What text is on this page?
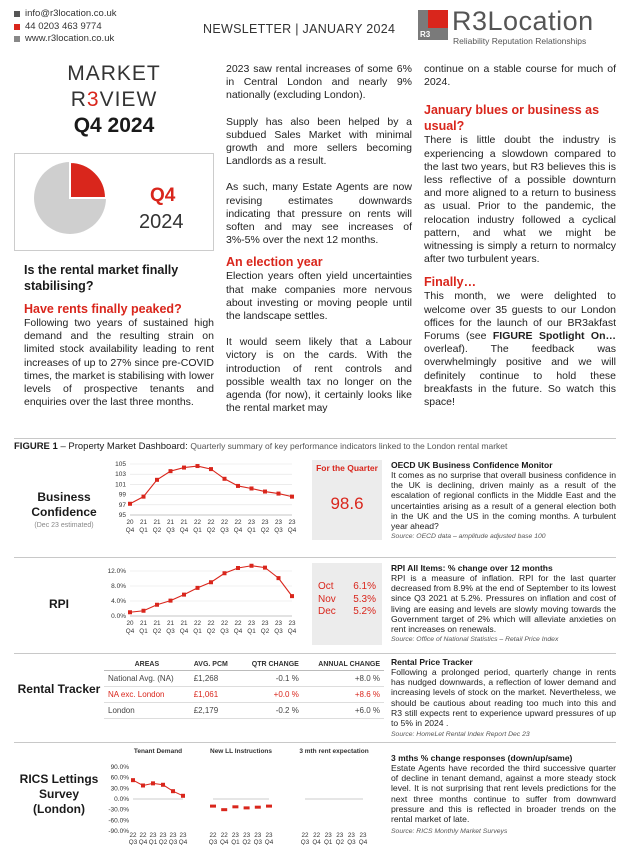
info@r3location.co.uk
44 0203 463 9774
www.r3location.co.uk
NEWSLETTER | JANUARY 2024	R3 R3Location
Reliability Reputation Relationships
MARKET
R3VIEW
Q4 2024
Q4
2024
Is the rental market finally stabilising?
Have rents finally peaked?
Following two years of sustained high demand and the resulting strain on limited stock availability leading to rent increases of up to 27% since pre-COVID times, the market is stabilising with lower levels of prospective tenants and enquiries over the last three months.
2023 saw rental increases of some 6% in Central London and nearly 9% nationally (excluding London).
Supply has also been helped by a subdued Sales Market with minimal growth and more sellers becoming Landlords as a result.
As such, many Estate Agents are now revising estimates downwards indicating that pressure on rents will soften and may see increases of 3%-5% over the next 12 months.
An election year
Election years often yield uncertainties that make companies more nervous about investing or moving people until the landscape settles.
It would seem likely that a Labour victory is on the cards. With the introduction of rent controls and possible wealth tax no longer on the agenda (for now), it certainly looks like the rental market may
continue on a stable course for much of 2024.
January blues or business as usual?
There is little doubt the industry is experiencing a slowdown compared to the last two years, but R3 believes this is less reflective of a possible downturn and more aligned to a return to business as usual. Prior to the pandemic, the relocation industry followed a cyclical pattern, and what we might be witnessing is simply a return to normalcy after two turbulent years.
Finally…
This month, we were delighted to welcome over 35 guests to our London offices for the launch of our BR3akfast Forums (see FIGURE Spotlight On… overleaf). The feedback was overwhelmingly positive and we will definitely continue to hold these breakfasts in the future. So watch this space!
FIGURE 1 – Property Market Dashboard: Quarterly summary of key performance indicators linked to the London rental market
Business Confidence
(Dec 23 estimated)
105
103
101
99
97
95
20
Q4
21
Q1
21
Q2
21
Q3
21
Q4
22
Q1
22
Q2
22
Q3
22
Q4
23
Q1
23
Q2
23
Q3
23
Q4
For the Quarter
98.6
OECD UK Business Confidence Monitor
It comes as no surprise that overall business confidence in the UK is declining, driven mainly as a result of the escalation of regional conflicts in the Middle East and the uncertainties arising as a result of a general election both in the UK and the US in the coming months. A turbulent year ahead?
Source: OECD data – amplitude adjusted base 100
RPI
12.0%
8.0%
4.0%
0.0%
20
Q4
21
Q1
21
Q2
21
Q3
21
Q4
22
Q1
22
Q2
22
Q3
22
Q4
23
Q1
23
Q2
23
Q3
23
Q4
Oct 6.1%
Nov 5.3%
Dec 5.2%
RPI All Items: % change over 12 months
RPI is a measure of inflation. RPI for the last quarter decreased from 8.9% at the end of September to its lowest since Q3 2021 at 5.2%. Pressures on inflation and cost of living are easing and levels are slowly moving towards the Government target of 2% which will alleviate anxieties on rent increases on renewals.
Source: Office of National Statistics – Retail Price Index
Rental Tracker
AREAS	AVG. PCM	QTR CHANGE	ANNUAL CHANGE
National Avg. (NA)	£1,268	-0.1 %	+8.0 %
NA exc. London	£1,061	+0.0 %	+8.6 %
London	£2,179	-0.2 %	+6.0 %
Rental Price Tracker
Following a prolonged period, quarterly change in rents has nudged downwards, a reflection of lower demand and increasing levels of stock on the market. Nevertheless, we should be cautious about reading too much into this and R3 still expects rent to experience upward pressures of up to 5% in 2024 .
Source: HomeLet Rental Index Report Dec 23
RICS Lettings Survey (London)
90.0%
60.0%
30.0%
0.0%
-30.0%
-60.0%
-90.0%
Tenant Demand
22
Q3
22
Q4
23
Q1
23
Q2
23
Q3
23
Q4
New LL Instructions
22
Q3
22
Q4
23
Q1
23
Q2
23
Q3
23
Q4
3 mth rent expectation
22
Q3
22
Q4
23
Q1
23
Q2
23
Q3
23
Q4
3 mths % change responses (down/up/same)
Estate Agents have recorded the third successive quarter of decline in tenant demand, against a more steady stock level. It is not surprising that rent levels predictions for the next three months continue to suffer from downward pressure and this is reflected in broader trends on the rental market of late.
Source: RICS Monthly Market Surveys
